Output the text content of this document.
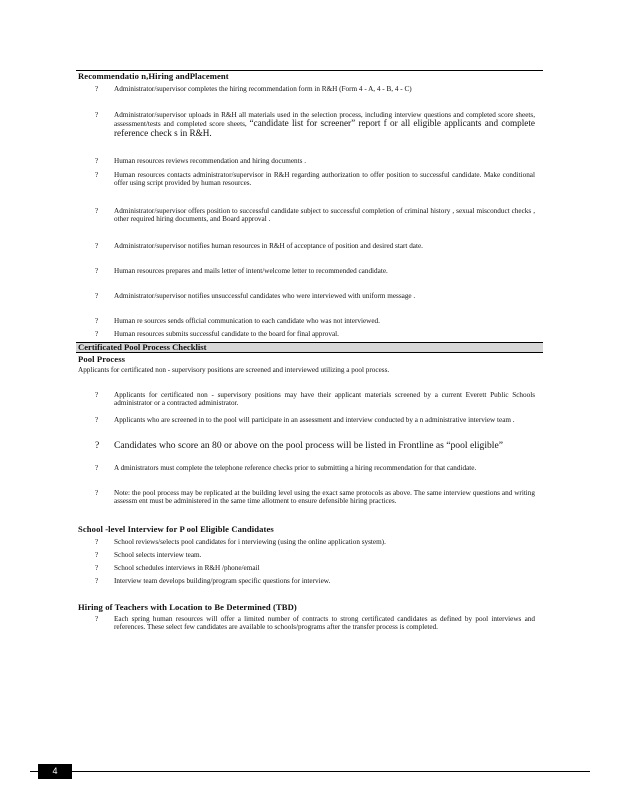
Recommendatio n,Hiring andPlacement
?	Administrator/supervisor completes the hiring recommendation form in R&H (Form 4 - A, 4 - B, 4 - C)
?	Administrator/supervisor uploads in R&H all materials used in the selection process, including interview questions and completed score sheets, assessment/tests and completed score sheets, “candidate list for screener” report f or all eligible applicants and complete reference check s in R&H.
?	Human resources reviews recommendation and hiring documents .
?	Human resources contacts administrator/supervisor in R&H regarding authorization to offer position to successful candidate. Make conditional offer using script provided by human resources.
?	Administrator/supervisor offers position to successful candidate subject to successful completion of criminal history , sexual misconduct checks , other required hiring documents, and Board approval .
?	Administrator/supervisor notifies human resources in R&H of acceptance of position and desired start date.
?	Human resources prepares and mails letter of intent/welcome letter to recommended candidate.
?	Administrator/supervisor notifies unsuccessful candidates who were interviewed with uniform message .
?	Human re sources sends official communication to each candidate who was not interviewed.
?	Human resources submits successful candidate to the board for final approval.
Certificated Pool Process Checklist
Pool Process
Applicants for certificated non - supervisory positions are screened and interviewed utilizing a pool process.
?	Applicants for certificated non - supervisory positions may have their applicant materials screened by a current Everett Public Schools administrator or a contracted administrator.
?	Applicants who are screened in to the pool will participate in an assessment and interview conducted by a n administrative interview team .
?	Candidates who score an 80 or above on the pool process will be listed in Frontline as “pool eligible”
?	A dministrators must complete the telephone reference checks prior to submitting a hiring recommendation for that candidate.
?	Note: the pool process may be replicated at the building level using the exact same protocols as above. The same interview questions and writing assessm ent must be administered in the same time allotment to ensure defensible hiring practices.
School -level Interview for P ool Eligible Candidates
?	School reviews/selects pool candidates for i nterviewing (using the online application system).
?	School selects interview team.
?	School schedules interviews in R&H /phone/email
?	Interview team develops building/program specific questions for interview.
Hiring of Teachers with Location to Be Determined (TBD)
?	Each spring human resources will offer a limited number of contracts to strong certificated candidates as defined by pool interviews and references. These select few candidates are available to schools/programs after the transfer process is completed.
4
